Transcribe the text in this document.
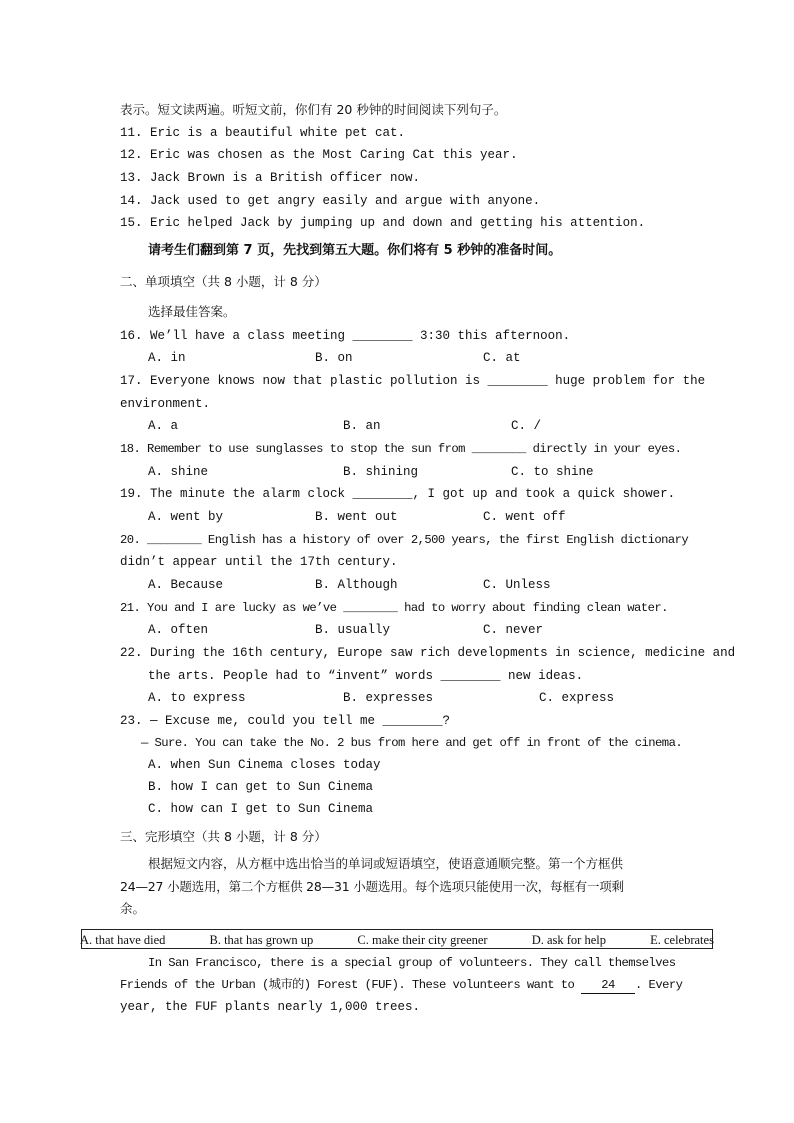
表示。短文读两遍。听短文前，你们有 20 秒钟的时间阅读下列句子。
11. Eric is a beautiful white pet cat.
12. Eric was chosen as the Most Caring Cat this year.
13. Jack Brown is a British officer now.
14. Jack used to get angry easily and argue with anyone.
15. Eric helped Jack by jumping up and down and getting his attention.
请考生们翻到第 7 页，先找到第五大题。你们将有 5 秒钟的准备时间。
二、单项填空（共 8 小题，计 8 分）
选择最佳答案。
16. We’ll have a class meeting ________ 3:30 this afternoon.
A. in	B. on	C. at
17. Everyone knows now that plastic pollution is ________ huge problem for the
environment.
A. a	B. an	C. /
18. Remember to use sunglasses to stop the sun from ________ directly in your eyes.
A. shine	B. shining	C. to shine
19. The minute the alarm clock ________, I got up and took a quick shower.
A. went by	B. went out	C. went off
20. ________ English has a history of over 2,500 years, the first English dictionary
didn’t appear until the 17th century.
A. Because	B. Although	C. Unless
21. You and I are lucky as we’ve ________ had to worry about finding clean water.
A. often	B. usually	C. never
22. During the 16th century, Europe saw rich developments in science, medicine and
the arts. People had to “invent” words ________ new ideas.
A. to express	B. expresses	C. express
23. — Excuse me, could you tell me ________?
— Sure. You can take the No. 2 bus from here and get off in front of the cinema.
A. when Sun Cinema closes today
B. how I can get to Sun Cinema
C. how can I get to Sun Cinema
三、完形填空（共 8 小题，计 8 分）
根据短文内容，从方框中选出恰当的单词或短语填空，使语意通顺完整。第一个方框供
24—27 小题选用，第二个方框供 28—31 小题选用。每个选项只能使用一次，每框有一项剩
余。
A. that have died	B. that has grown up	C. make their city greener	D. ask for help	E. celebrates
In San Francisco, there is a special group of volunteers. They call themselves
Friends of the Urban (城市的) Forest (FUF). These volunteers want to 24 . Every
year, the FUF plants nearly 1,000 trees.
